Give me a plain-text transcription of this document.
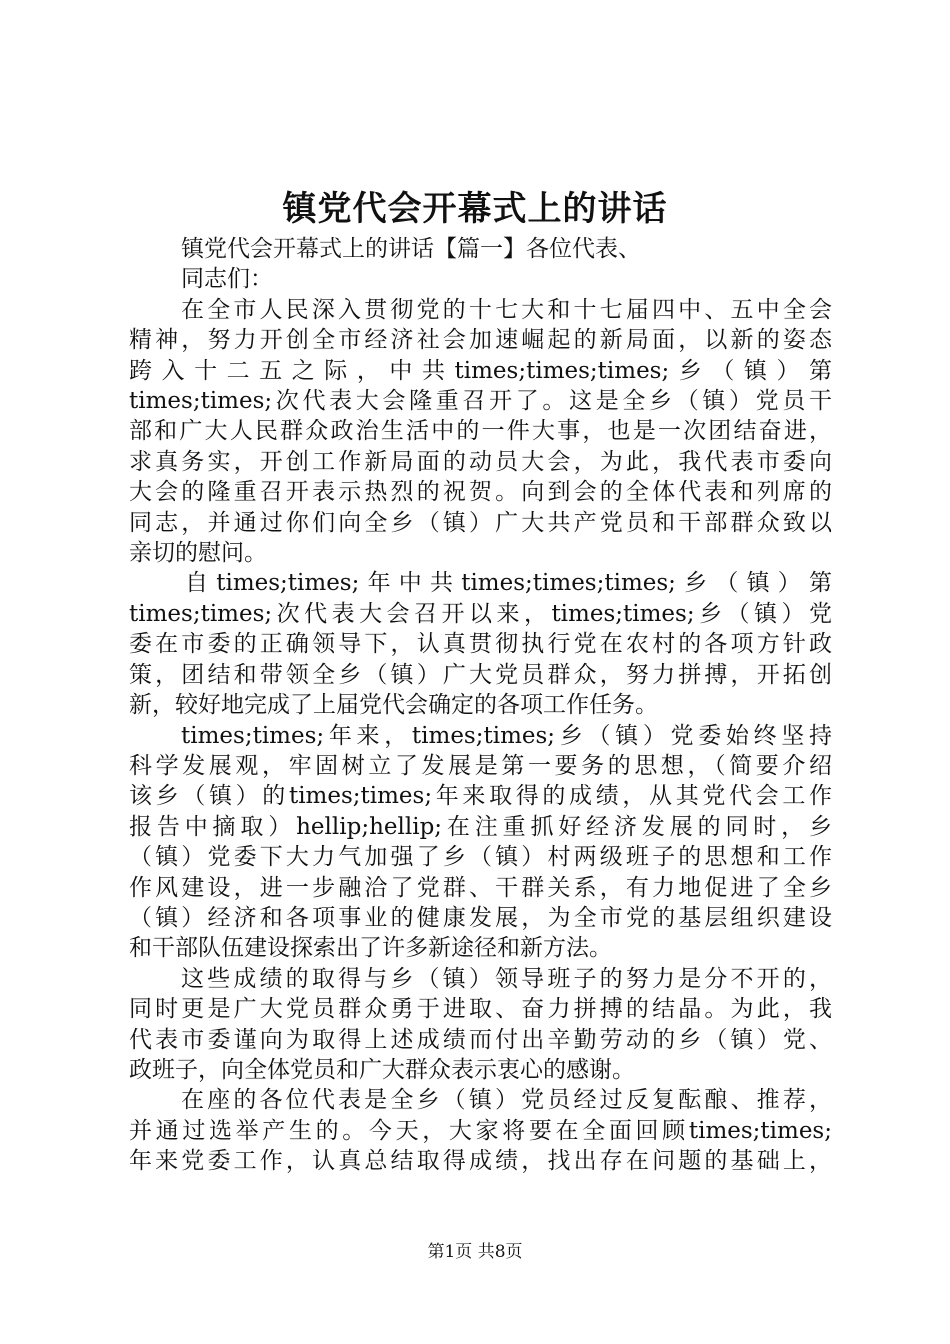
镇党代会开幕式上的讲话
镇党代会开幕式上的讲话【篇一】各位代表、
同志们：
在全市人民深入贯彻党的十七大和十七届四中、五中全会
精神，努力开创全市经济社会加速崛起的新局面，以新的姿态
跨入十二五之际，中共times;times;times;乡（镇）第
times;times;次代表大会隆重召开了。这是全乡（镇）党员干
部和广大人民群众政治生活中的一件大事，也是一次团结奋进，
求真务实，开创工作新局面的动员大会，为此，我代表市委向
大会的隆重召开表示热烈的祝贺。向到会的全体代表和列席的
同志，并通过你们向全乡（镇）广大共产党员和干部群众致以
亲切的慰问。
自times;times;年中共times;times;times;乡（镇）第
times;times;次代表大会召开以来，times;times;乡（镇）党
委在市委的正确领导下，认真贯彻执行党在农村的各项方针政
策，团结和带领全乡（镇）广大党员群众，努力拼搏，开拓创
新，较好地完成了上届党代会确定的各项工作任务。
times;times;年来，times;times;乡（镇）党委始终坚持
科学发展观，牢固树立了发展是第一要务的思想，（简要介绍
该乡（镇）的times;times;年来取得的成绩，从其党代会工作
报告中摘取）hellip;hellip;在注重抓好经济发展的同时，乡
（镇）党委下大力气加强了乡（镇）村两级班子的思想和工作
作风建设，进一步融洽了党群、干群关系，有力地促进了全乡
（镇）经济和各项事业的健康发展，为全市党的基层组织建设
和干部队伍建设探索出了许多新途径和新方法。
这些成绩的取得与乡（镇）领导班子的努力是分不开的，
同时更是广大党员群众勇于进取、奋力拼搏的结晶。为此，我
代表市委谨向为取得上述成绩而付出辛勤劳动的乡（镇）党、
政班子，向全体党员和广大群众表示衷心的感谢。
在座的各位代表是全乡（镇）党员经过反复酝酿、推荐，
并通过选举产生的。今天，大家将要在全面回顾times;times;
年来党委工作，认真总结取得成绩，找出存在问题的基础上，
第1页 共8页
